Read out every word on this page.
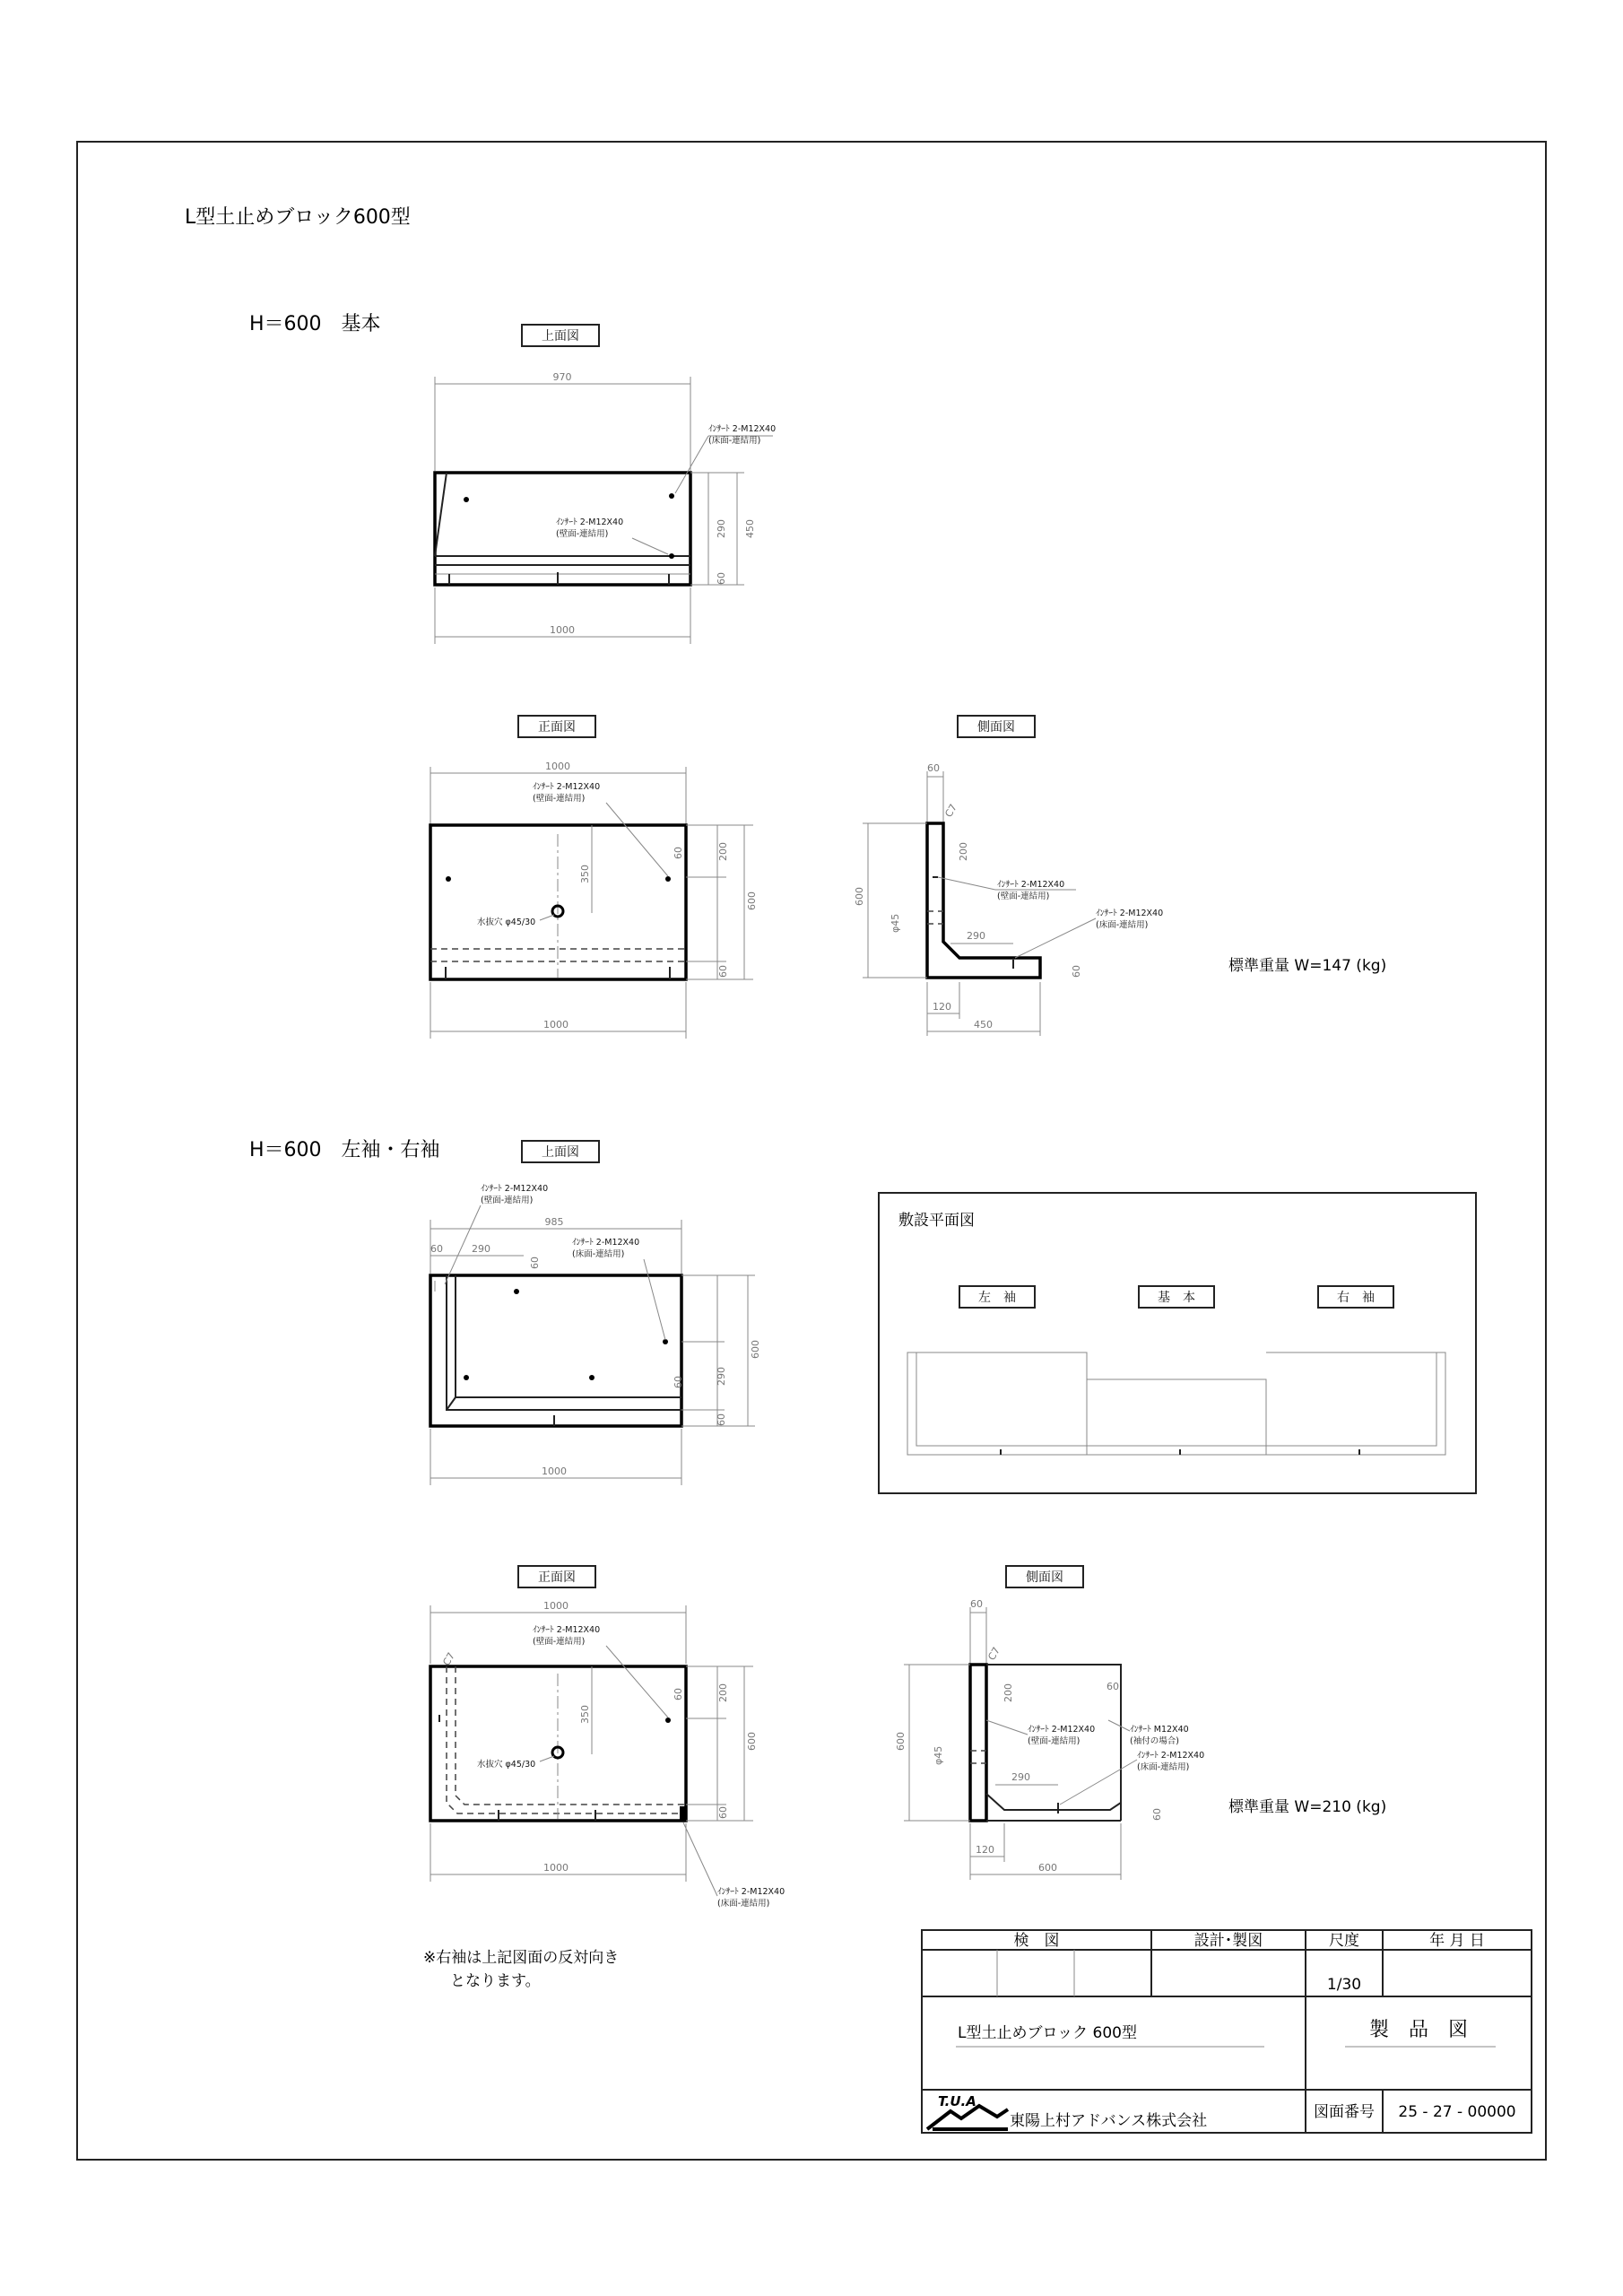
L型土止めブロック600型
H＝600　基本
H＝600　左袖・右袖
上面図
970
290 450
60
1000
ｲﾝｻｰﾄ 2-M12X40
(床面-連結用)
ｲﾝｻｰﾄ 2-M12X40
(壁面-連結用)
正面図
1000
350
60	200
600
60
1000
ｲﾝｻｰﾄ 2-M12X40
(壁面-連結用)
水抜穴 φ45/30
側面図
60
C7
200
600
φ45
290
60
120
450
ｲﾝｻｰﾄ 2-M12X40
(壁面-連結用)
ｲﾝｻｰﾄ 2-M12X40
(床面-連結用)
標準重量 W=147 (kg)
上面図
985
60	290
60
60	290
600
60
1000
ｲﾝｻｰﾄ 2-M12X40
(壁面-連結用)
ｲﾝｻｰﾄ 2-M12X40
(床面-連結用)
敷設平面図
左　袖	基　本	右　袖
正面図
1000
C7
350
60	200
600
60
1000
ｲﾝｻｰﾄ 2-M12X40
(壁面-連結用)
水抜穴 φ45/30
ｲﾝｻｰﾄ 2-M12X40
(床面-連結用)
側面図
60
C7
200	60
600
φ45
290
60
120
600
ｲﾝｻｰﾄ 2-M12X40
(壁面-連結用)
ｲﾝｻｰﾄ M12X40
(袖付の場合)
ｲﾝｻｰﾄ 2-M12X40
(床面-連結用)
標準重量 W=210 (kg)
※右袖は上記図面の反対向き
となります。
検　図	設計･製図	尺度	年 月 日
1/30
L型土止めブロック 600型	製　品　図
T.U.A
東陽上村アドバンス株式会社	図面番号 25 - 27 - 00000
